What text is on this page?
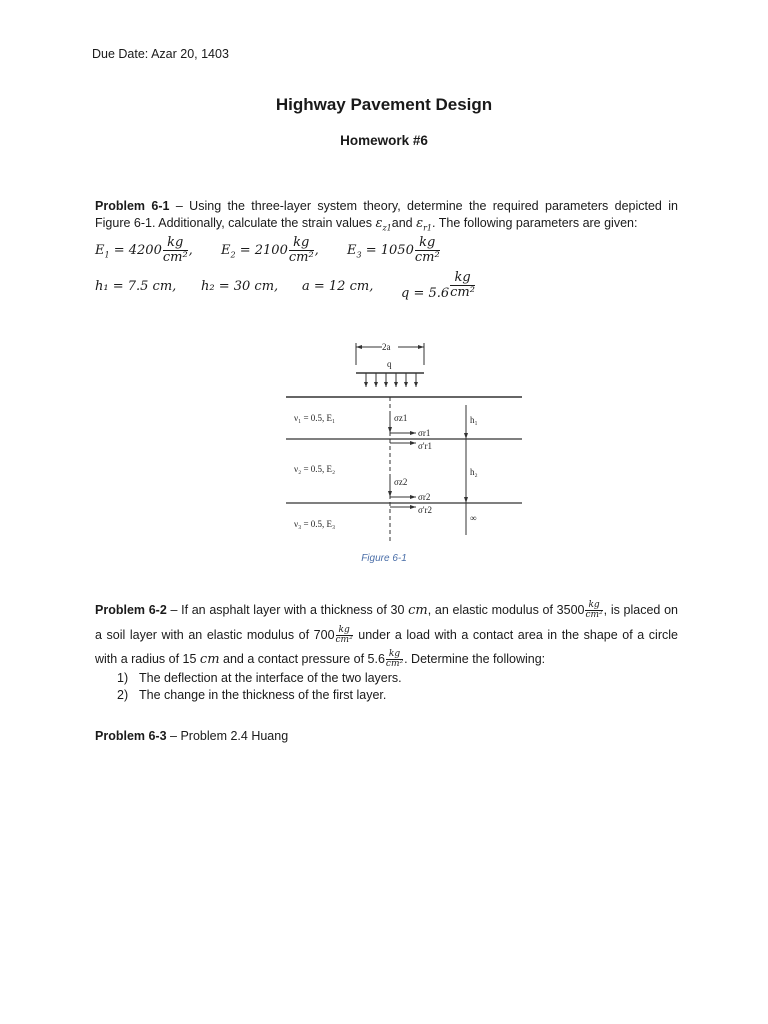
Due Date: Azar 20, 1403
Highway Pavement Design
Homework #6
Problem 6-1 – Using the three-layer system theory, determine the required parameters depicted in Figure 6-1. Additionally, calculate the strain values $\varepsilon_{z1}and$ $\varepsilon_{r1}$. The following parameters are given:
$E_1 = 4200 \frac{kg}{\text{cm²}}$ , $E_2 = 2100 \frac{kg}{\text{cm²}}$ , $E_3 = 1050 \frac{kg}{\text{cm²}}$
h₁ = 7.5 cm, h₂ = 30 cm, a = 12 cm, $q = 5.6 \frac{kg}{\text{cm²}}$
2a
q
ν₁ = 0.5, E₁
ν₂ = 0.5, E₂
ν₃ = 0.5, E₃
σz1
σr1
σ'r1
σz2
σr2
σ'r2
h₁
h₂
∞
Figure 6-1
Problem 6-2 – If an asphalt layer with a thickness of 30 cm, an elastic modulus of $3500 \frac{kg}{\text{cm²}}$ , is placed on a soil layer with an elastic modulus of $700 \frac{kg}{\text{cm²}}$ under a load with a contact area in the shape of a circle with a radius of 15 cm and a contact pressure of $5.6 \frac{kg}{\text{cm²}}$ . Determine the following:
1) The deflection at the interface of the two layers.
2) The change in the thickness of the first layer.
Problem 6-3 – Problem 2.4 Huang
